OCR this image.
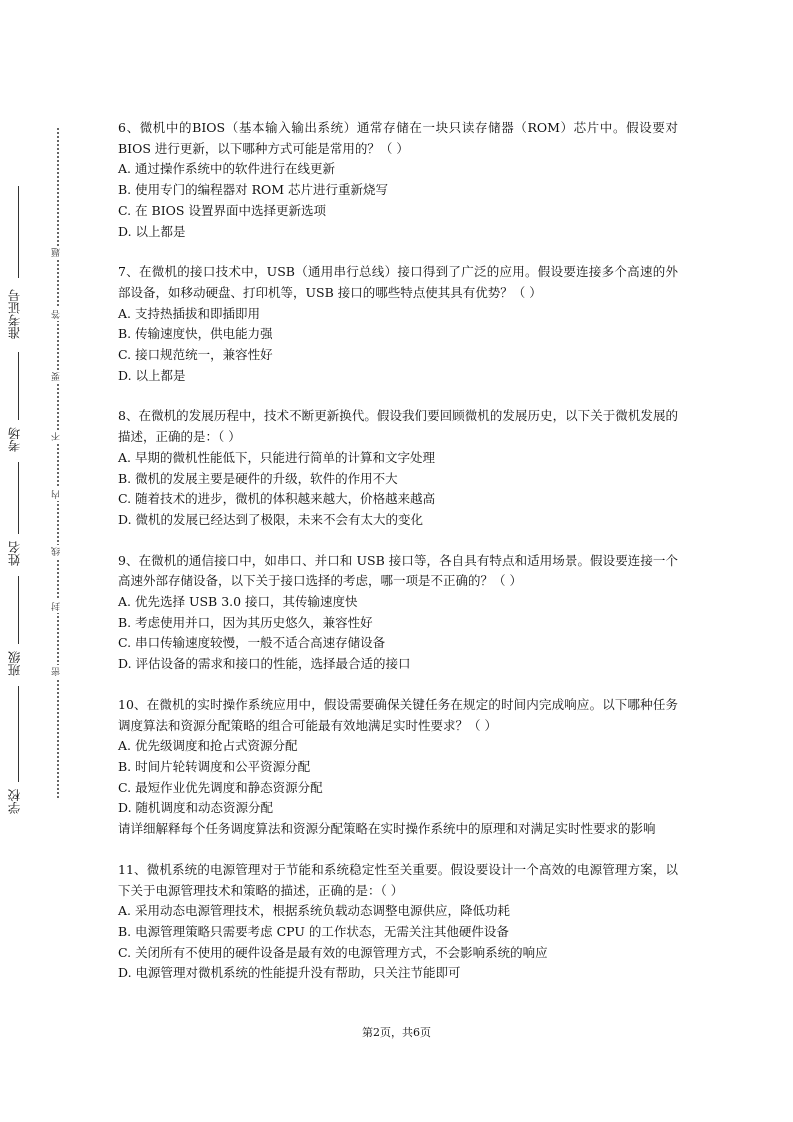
准考证号
考场
姓名
班级
学校
密
封
线
内
不
要
答
题

6、微机中的BIOS（基本输入输出系统）通常存储在一块只读存储器（ROM）芯片中。假设要对 BIOS 进行更新，以下哪种方式可能是常用的？（ ）

A. 通过操作系统中的软件进行在线更新

B. 使用专门的编程器对 ROM 芯片进行重新烧写

C. 在 BIOS 设置界面中选择更新选项

D. 以上都是

7、在微机的接口技术中，USB（通用串行总线）接口得到了广泛的应用。假设要连接多个高速的外部设备，如移动硬盘、打印机等，USB 接口的哪些特点使其具有优势？（ ）

A. 支持热插拔和即插即用

B. 传输速度快，供电能力强

C. 接口规范统一，兼容性好

D. 以上都是

8、在微机的发展历程中，技术不断更新换代。假设我们要回顾微机的发展历史，以下关于微机发展的描述，正确的是：（ ）

A. 早期的微机性能低下，只能进行简单的计算和文字处理

B. 微机的发展主要是硬件的升级，软件的作用不大

C. 随着技术的进步，微机的体积越来越大，价格越来越高

D. 微机的发展已经达到了极限，未来不会有太大的变化

9、在微机的通信接口中，如串口、并口和 USB 接口等，各自具有特点和适用场景。假设要连接一个高速外部存储设备，以下关于接口选择的考虑，哪一项是不正确的？（ ）

A. 优先选择 USB 3.0 接口，其传输速度快

B. 考虑使用并口，因为其历史悠久，兼容性好

C. 串口传输速度较慢，一般不适合高速存储设备

D. 评估设备的需求和接口的性能，选择最合适的接口

10、在微机的实时操作系统应用中，假设需要确保关键任务在规定的时间内完成响应。以下哪种任务调度算法和资源分配策略的组合可能最有效地满足实时性要求？（ ）

A. 优先级调度和抢占式资源分配

B. 时间片轮转调度和公平资源分配

C. 最短作业优先调度和静态资源分配

D. 随机调度和动态资源分配

请详细解释每个任务调度算法和资源分配策略在实时操作系统中的原理和对满足实时性要求的影响

11、微机系统的电源管理对于节能和系统稳定性至关重要。假设要设计一个高效的电源管理方案，以下关于电源管理技术和策略的描述，正确的是：（ ）

A. 采用动态电源管理技术，根据系统负载动态调整电源供应，降低功耗

B. 电源管理策略只需要考虑 CPU 的工作状态，无需关注其他硬件设备

C. 关闭所有不使用的硬件设备是最有效的电源管理方式，不会影响系统的响应

D. 电源管理对微机系统的性能提升没有帮助，只关注节能即可

第2页，共6页
